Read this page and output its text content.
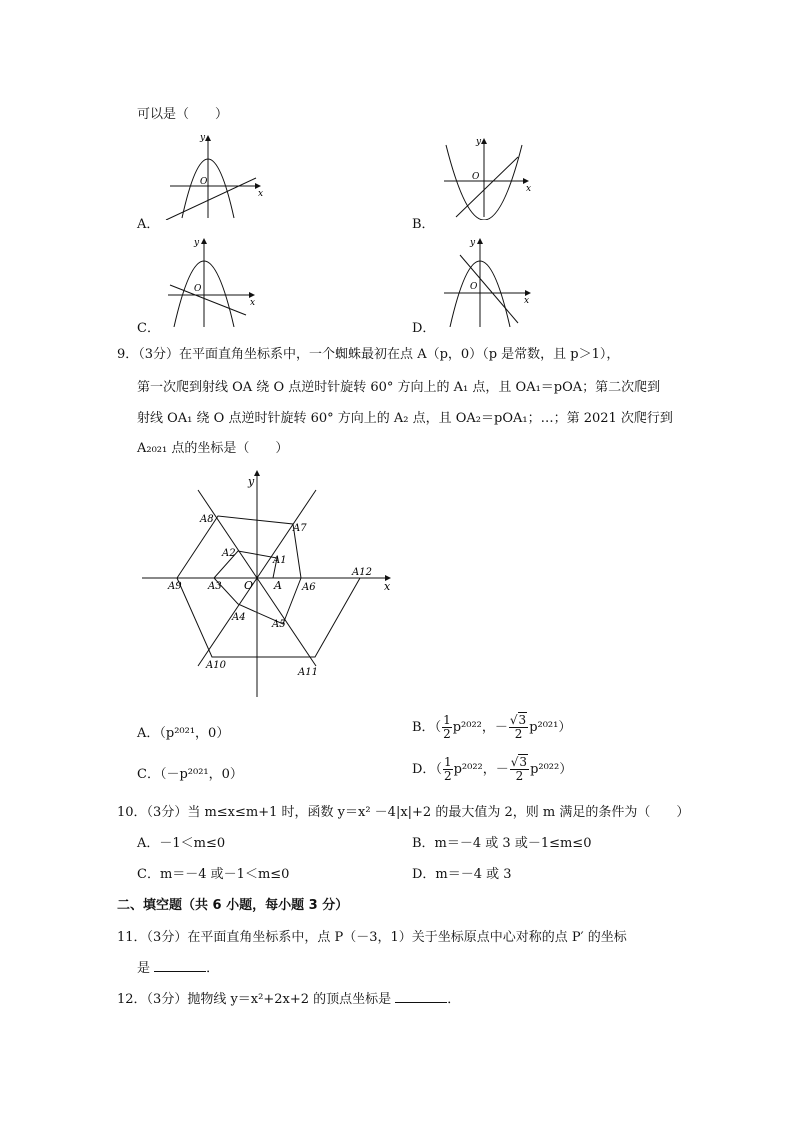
可以是（　　）
y
x
O
A．
y
x
O
B．
y
x
O
C．
y
x
O
D．
9．（3分）在平面直角坐标系中，一个蜘蛛最初在点 A（p，0）（p 是常数，且 p＞1），
第一次爬到射线 OA 绕 O 点逆时针旋转 60° 方向上的 A₁ 点，且 OA₁＝pOA；第二次爬到
射线 OA₁ 绕 O 点逆时针旋转 60° 方向上的 A₂ 点，且 OA₂＝pOA₁；…；第 2021 次爬行到
A₂₀₂₁ 点的坐标是（　　）
y
x
O A
A1
A2
A3
A4
A5
A6
A7
A8
A9
A10
A11
A12
A．（p²⁰²¹，0）	B．（ $\frac{1}{2} p^{2022}$，－ $\frac{√3}{2} p^{2021}$）
C．（－p²⁰²¹，0）	D．（ $\frac{1}{2} p^{2022}$，－ $\frac{√3}{2} p^{2022}$）
10．（3分）当 m≤x≤m+1 时，函数 y＝x² －4|x|+2 的最大值为 2，则 m 满足的条件为（　　）
A．－1＜m≤0	B．m＝－4 或 3 或－1≤m≤0
C．m＝－4 或－1＜m≤0	D．m＝－4 或 3
二、填空题（共 6 小题，每小题 3 分）
11．（3分）在平面直角坐标系中，点 P（－3，1）关于坐标原点中心对称的点 P′ 的坐标
是	．
12．（3分）抛物线 y＝x²+2x+2 的顶点坐标是	．
